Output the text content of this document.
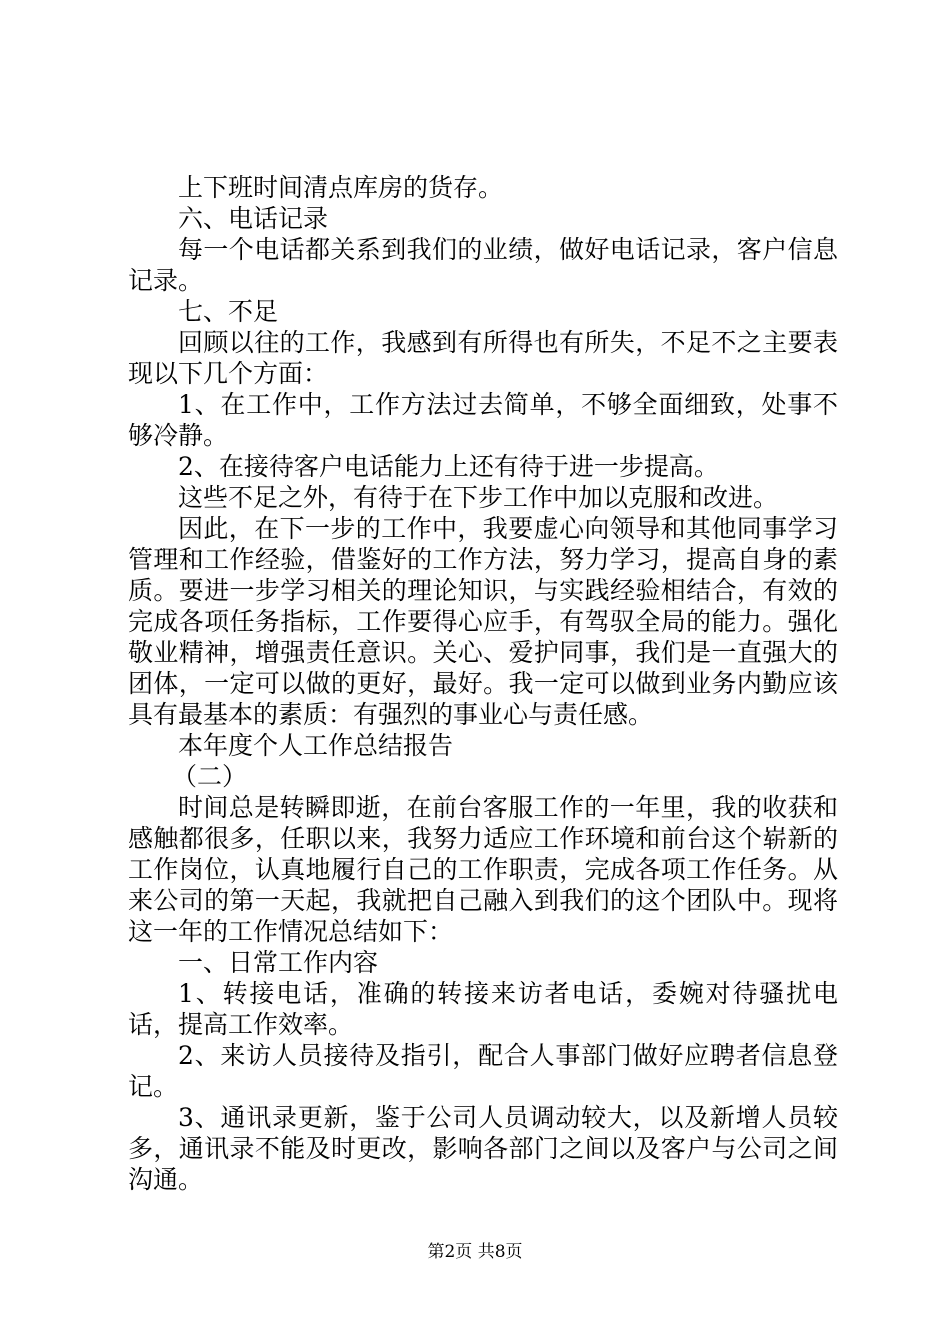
上下班时间清点库房的货存。

六、电话记录

每一个电话都关系到我们的业绩，做好电话记录，客户信息记录。

七、不足

回顾以往的工作，我感到有所得也有所失，不足不之主要表现以下几个方面：

1、在工作中，工作方法过去简单，不够全面细致，处事不够冷静。

2、在接待客户电话能力上还有待于进一步提高。

这些不足之外，有待于在下步工作中加以克服和改进。

因此，在下一步的工作中，我要虚心向领导和其他同事学习管理和工作经验，借鉴好的工作方法，努力学习，提高自身的素质。要进一步学习相关的理论知识，与实践经验相结合，有效的完成各项任务指标，工作要得心应手，有驾驭全局的能力。强化敬业精神，增强责任意识。关心、爱护同事，我们是一直强大的团体，一定可以做的更好，最好。我一定可以做到业务内勤应该具有最基本的素质：有强烈的事业心与责任感。

本年度个人工作总结报告

（二）

时间总是转瞬即逝，在前台客服工作的一年里，我的收获和感触都很多，任职以来，我努力适应工作环境和前台这个崭新的工作岗位，认真地履行自己的工作职责，完成各项工作任务。从来公司的第一天起，我就把自己融入到我们的这个团队中。现将这一年的工作情况总结如下：

一、日常工作内容

1、转接电话，准确的转接来访者电话，委婉对待骚扰电话，提高工作效率。

2、来访人员接待及指引，配合人事部门做好应聘者信息登记。

3、通讯录更新，鉴于公司人员调动较大，以及新增人员较多，通讯录不能及时更改，影响各部门之间以及客户与公司之间沟通。

第2页 共8页
